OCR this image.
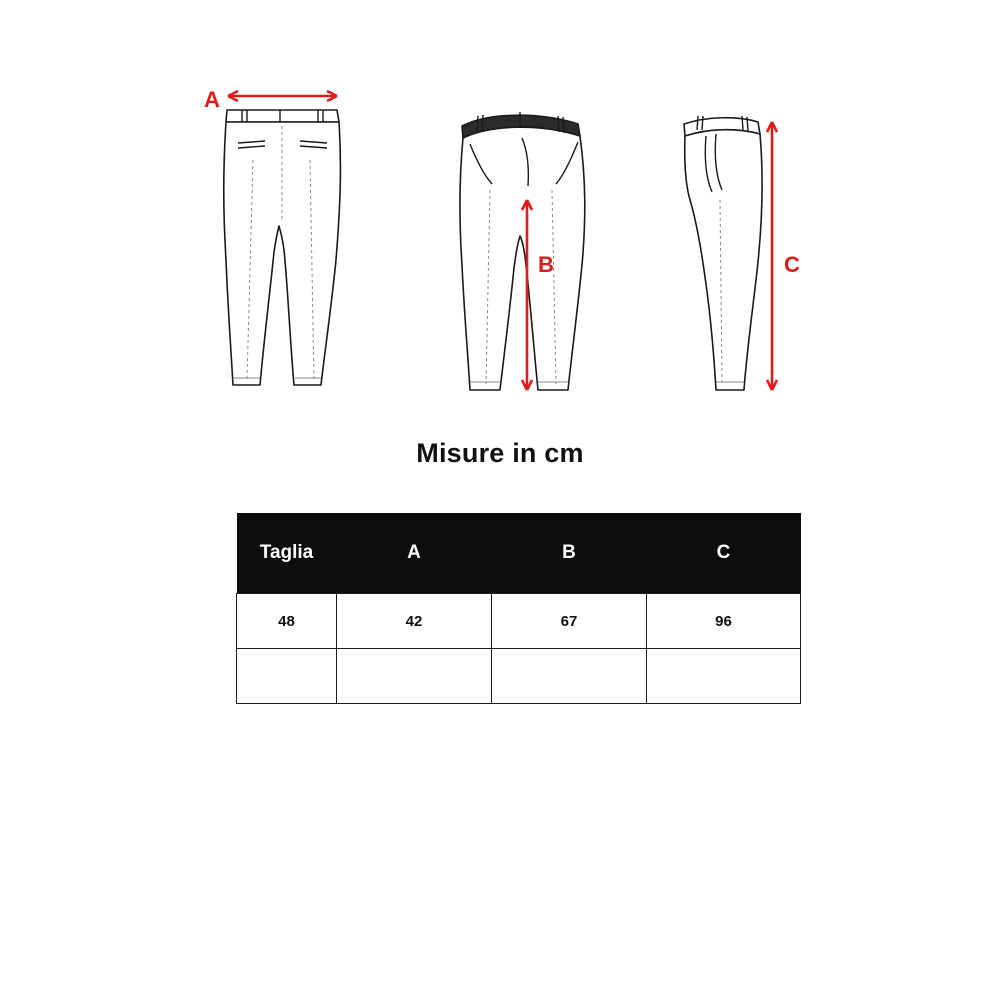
A
B	C
Misure in cm
Taglia	A	B	C
48	42	67	96
